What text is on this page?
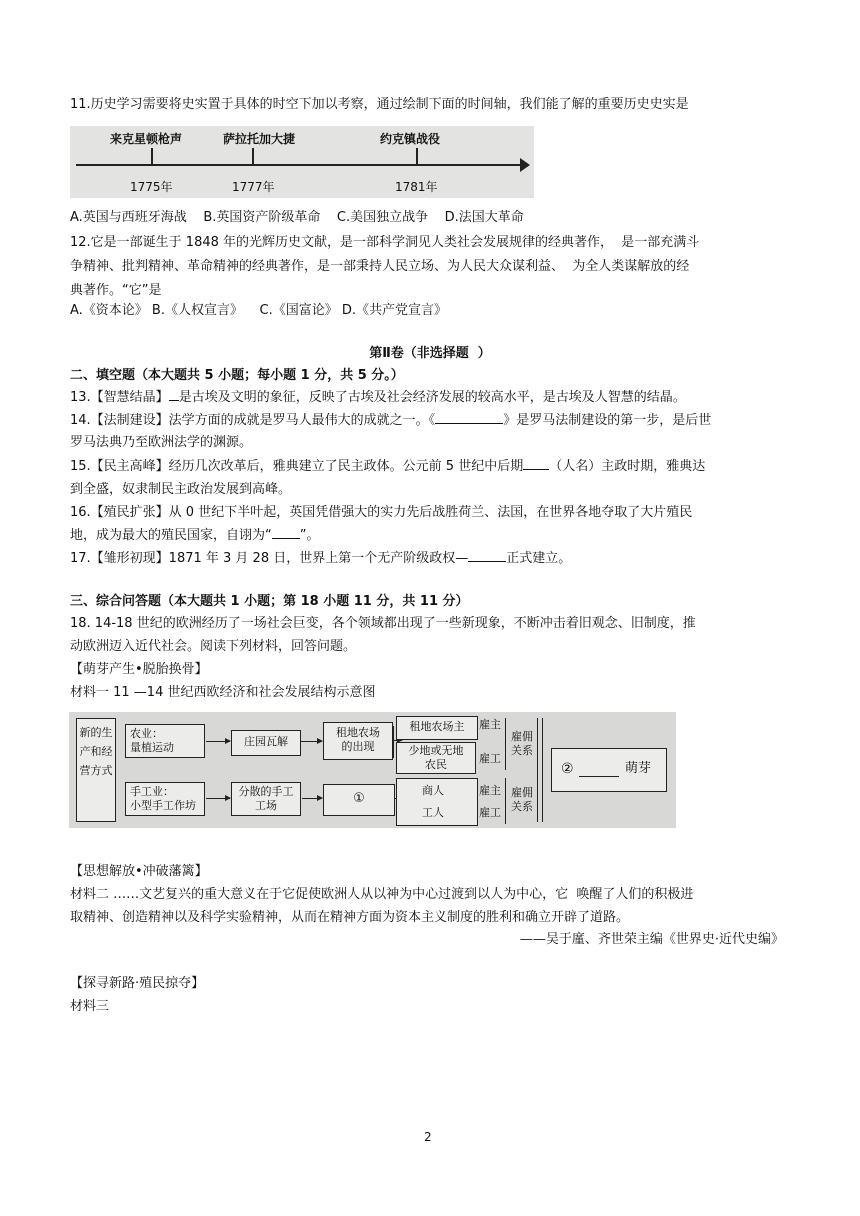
11.历史学习需要将史实置于具体的时空下加以考察，通过绘制下面的时间轴，我们能了解的重要历史史实是
来克星顿枪声	萨拉托加大捷	约克镇战役
1775年	1777年	1781年
A.英国与西班牙海战    B.英国资产阶级革命    C.美国独立战争    D.法国大革命
12.它是一部诞生于 1848 年的光辉历史文献，是一部科学洞见人类社会发展规律的经典著作，  是一部充满斗
争精神、批判精神、革命精神的经典著作，是一部秉持人民立场、为人民大众谋利益、  为全人类谋解放的经
典著作。“它”是
A.《资本论》 B.《人权宣言》    C.《国富论》 D.《共产党宣言》
第Ⅱ卷（非选择题  ）
二、填空题（本大题共 5 小题；每小题 1 分，共 5 分。）
13.【智慧结晶】 是古埃及文明的象征，反映了古埃及社会经济发展的较高水平，是古埃及人智慧的结晶。
14.【法制建设】法学方面的成就是罗马人最伟大的成就之一。《	》是罗马法制建设的第一步，是后世
罗马法典乃至欧洲法学的渊源。
15.【民主高峰】经历几次改革后，雅典建立了民主政体。公元前 5 世纪中后期 （人名）主政时期，雅典达
到全盛，奴隶制民主政治发展到高峰。
16.【殖民扩张】从 0 世纪下半叶起，英国凭借强大的实力先后战胜荷兰、法国，在世界各地夺取了大片殖民
地，成为最大的殖民国家，自诩为“ ”。
17.【雏形初现】1871 年 3 月 28 日，世界上第一个无产阶级政权—	正式建立。
三、综合问答题（本大题共 1 小题；第 18 小题 11 分，共 11 分）
18. 14-18 世纪的欧洲经历了一场社会巨变，各个领域都出现了一些新现象，不断冲击着旧观念、旧制度，推
动欧洲迈入近代社会。阅读下列材料，回答问题。
【萌芽产生•脱胎换骨】
材料一 11 —14 世纪西欧经济和社会发展结构示意图
新的生产和经营方式
农业：
量植运动	庄园瓦解
租地农场
的出现
租地农场主
少地或无地
农民
雇主
雇工
雇佣
关系
手工业：
小型手工作坊
分散的手工
工场	①
商人
工人
雇主
雇工
雇佣
关系
②	萌芽
【思想解放•冲破藩篱】
材料二 ……文艺复兴的重大意义在于它促使欧洲人从以神为中心过渡到以人为中心，它  唤醒了人们的积极进
取精神、创造精神以及科学实验精神，从而在精神方面为资本主义制度的胜利和确立开辟了道路。
——吴于廑、齐世荣主编《世界史·近代史编》
【探寻新路·殖民掠夺】
材料三
2
